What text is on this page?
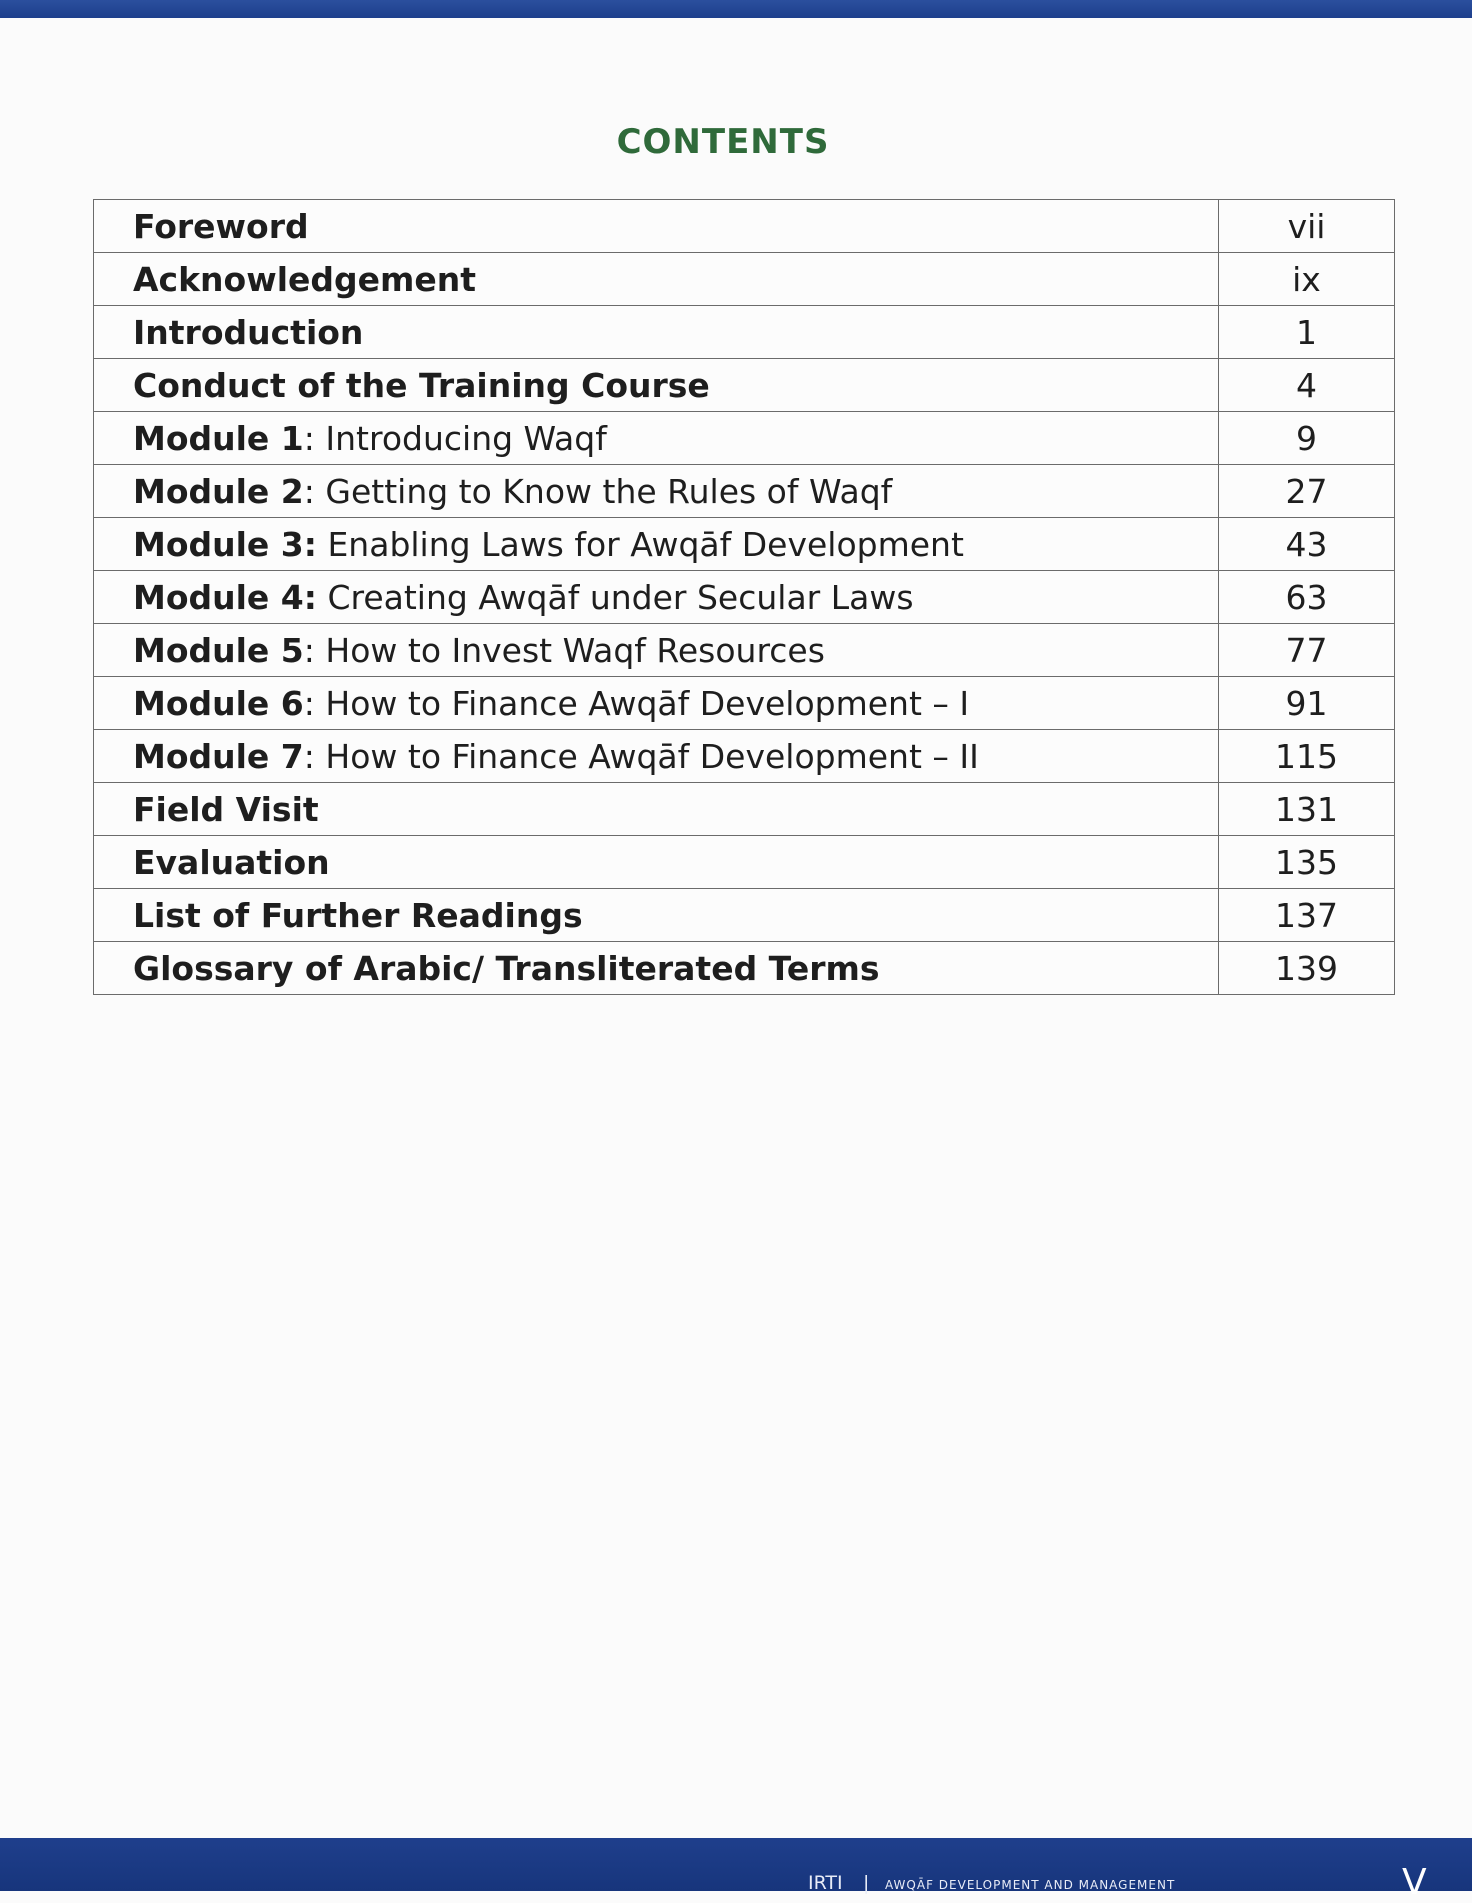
CONTENTS
Foreword	vii
Acknowledgement	ix
Introduction	1
Conduct of the Training Course	4
Module 1: Introducing Waqf	9
Module 2: Getting to Know the Rules of Waqf	27
Module 3: Enabling Laws for Awqāf Development	43
Module 4: Creating Awqāf under Secular Laws	63
Module 5: How to Invest Waqf Resources	77
Module 6: How to Finance Awqāf Development – I	91
Module 7: How to Finance Awqāf Development – II	115
Field Visit	131
Evaluation	135
List of Further Readings	137
Glossary of Arabic/ Transliterated Terms	139
IRTI | AWQĀF DEVELOPMENT AND MANAGEMENT	V
